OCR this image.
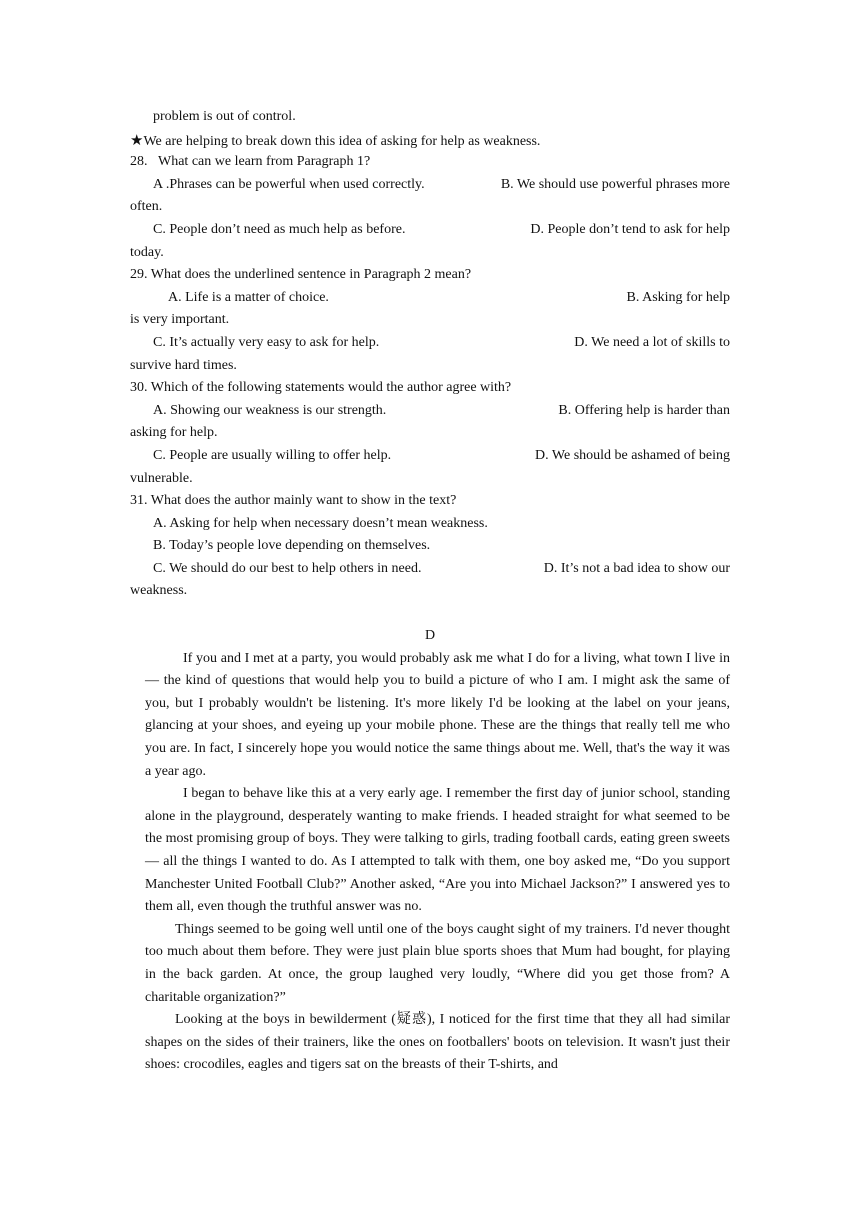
problem is out of control.
★We are helping to break down this idea of asking for help as weakness.
28.   What can we learn from Paragraph 1?
A .Phrases can be powerful when used correctly.	B. We should use powerful phrases more
often.
C. People don’t need as much help as before.	D. People don’t tend to ask for help
today.
29. What does the underlined sentence in Paragraph 2 mean?
A. Life is a matter of choice.	B. Asking for help
is very important.
C. It’s actually very easy to ask for help.	D. We need a lot of skills to
survive hard times.
30. Which of the following statements would the author agree with?
A. Showing our weakness is our strength.	B. Offering help is harder than
asking for help.
C. People are usually willing to offer help.	D. We should be ashamed of being
vulnerable.
31. What does the author mainly want to show in the text?
A. Asking for help when necessary doesn’t mean weakness.
B. Today’s people love depending on themselves.
C. We should do our best to help others in need.	D. It’s not a bad idea to show our
weakness.
D

If you and I met at a party, you would probably ask me what I do for a living, what town I live in — the kind of questions that would help you to build a picture of who I am. I might ask the same of you, but I probably wouldn't be listening. It's more likely I'd be looking at the label on your jeans, glancing at your shoes, and eyeing up your mobile phone. These are the things that really tell me who you are. In fact, I sincerely hope you would notice the same things about me. Well, that's the way it was a year ago.

I began to behave like this at a very early age. I remember the first day of junior school, standing alone in the playground, desperately wanting to make friends. I headed straight for what seemed to be the most promising group of boys. They were talking to girls, trading football cards, eating green sweets — all the things I wanted to do. As I attempted to talk with them, one boy asked me, “Do you support Manchester United Football Club?” Another asked, “Are you into Michael Jackson?” I answered yes to them all, even though the truthful answer was no.

Things seemed to be going well until one of the boys caught sight of my trainers. I'd never thought too much about them before. They were just plain blue sports shoes that Mum had bought, for playing in the back garden. At once, the group laughed very loudly, “Where did you get those from? A charitable organization?”

Looking at the boys in bewilderment (疑惑), I noticed for the first time that they all had similar shapes on the sides of their trainers, like the ones on footballers' boots on television. It wasn't just their shoes: crocodiles, eagles and tigers sat on the breasts of their T-shirts, and
